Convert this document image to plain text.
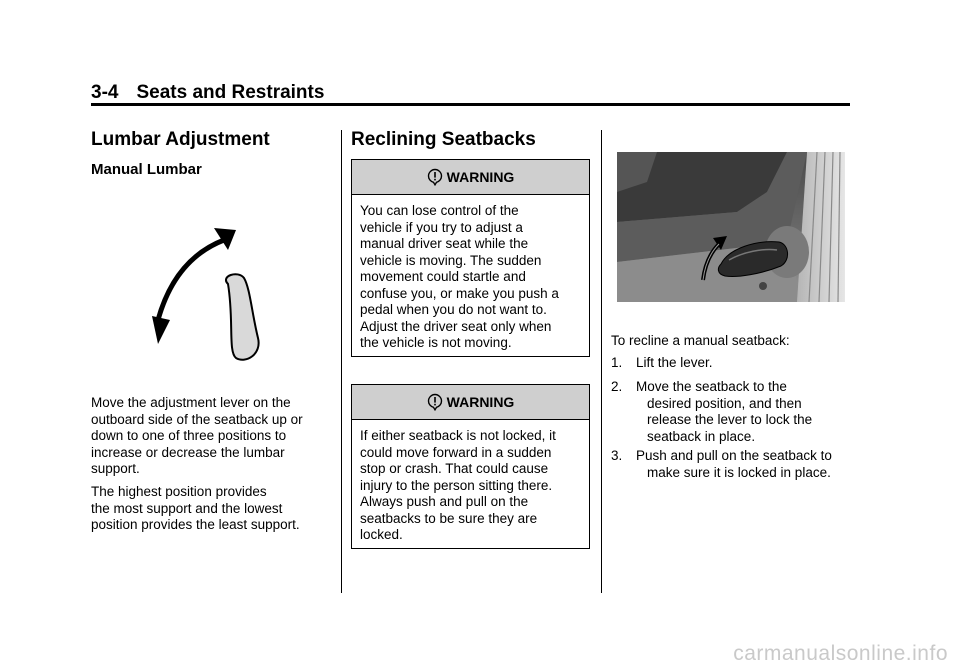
3-4 Seats and Restraints
Lumbar Adjustment
Manual Lumbar

Move the adjustment lever on the

outboard side of the seatback up or

down to one of three positions to

increase or decrease the lumbar

support.

The highest position provides

the most support and the lowest

position provides the least support.

Reclining Seatbacks
WARNING

You can lose control of the

vehicle if you try to adjust a

manual driver seat while the

vehicle is moving. The sudden

movement could startle and

confuse you, or make you push a

pedal when you do not want to.

Adjust the driver seat only when

the vehicle is not moving.

WARNING

If either seatback is not locked, it

could move forward in a sudden

stop or crash. That could cause

injury to the person sitting there.

Always push and pull on the

seatbacks to be sure they are

locked.

To recline a manual seatback:

1. Lift the lever.
2. Move the seatback to the
desired position, and then
release the lever to lock the
seatback in place.
3. Push and pull on the seatback to
make sure it is locked in place.
carmanualsonline.info
